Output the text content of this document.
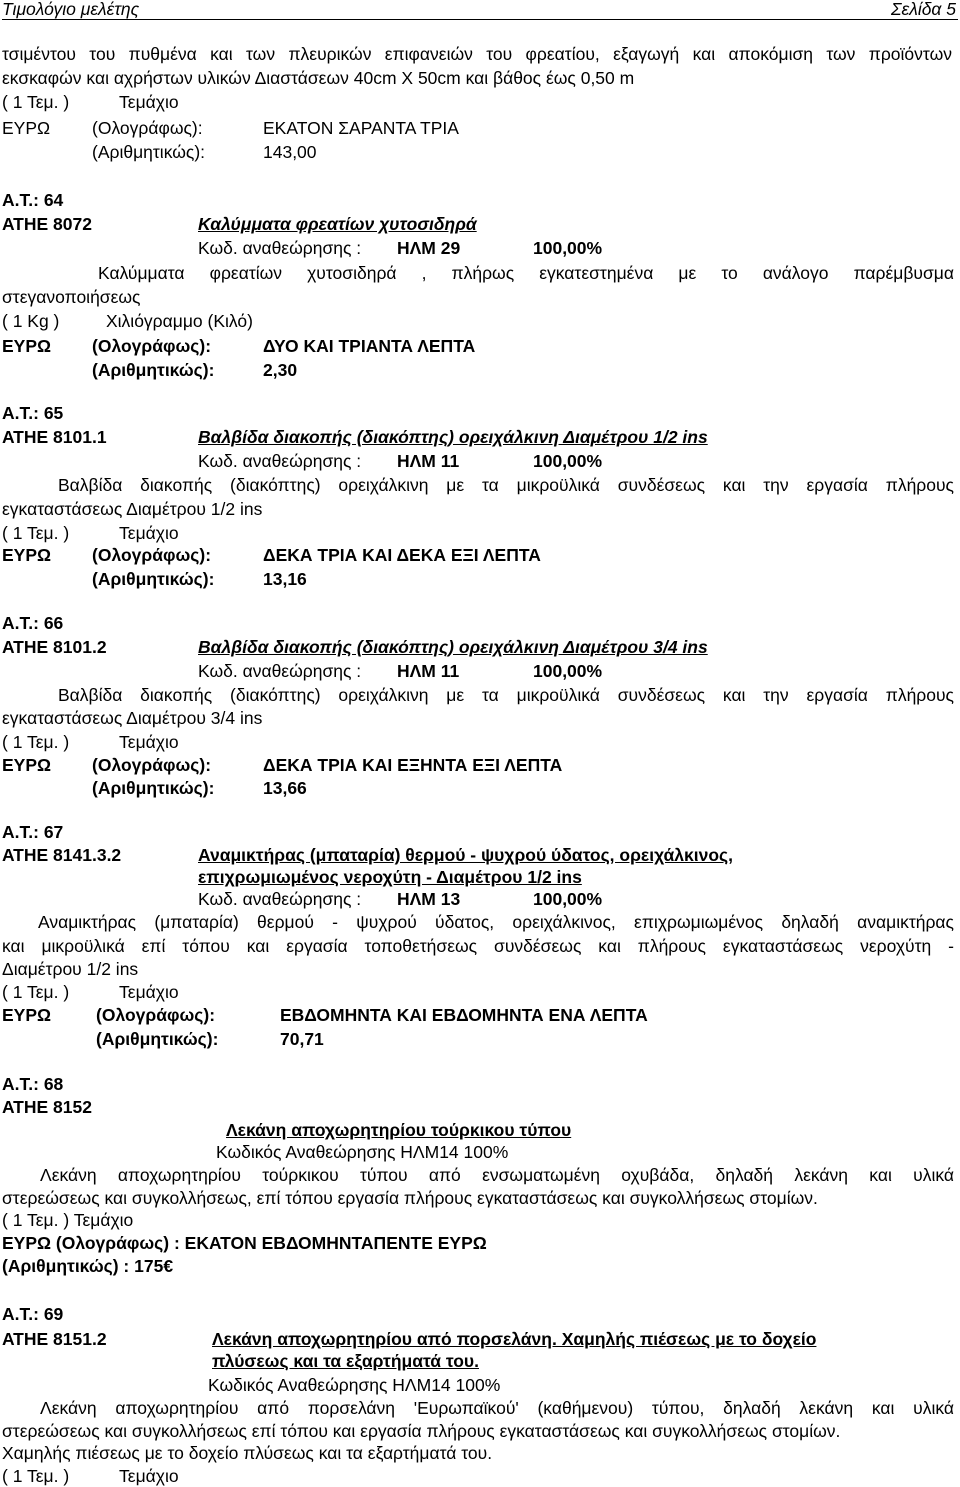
Τιμολόγιο μελέτης	Σελίδα 5
τσιμέντου του πυθμένα και των πλευρικών επιφανειών του φρεατίου, εξαγωγή και αποκόμιση των προϊόντων
εκσκαφών και αχρήστων υλικών Διαστάσεων 40cm X 50cm και βάθος έως 0,50 m
( 1 Τεμ. )	Τεμάχιο
ΕΥΡΩ (Ολογράφως):	ΕΚΑΤΟΝ ΣΑΡΑΝΤΑ ΤΡΙΑ
(Αριθμητικώς):	143,00
Α.Τ.: 64
ΑΤΗΕ 8072	Καλύμματα φρεατίων χυτοσιδηρά
Κωδ. αναθεώρησης : ΗΛΜ 29	100,00%
Καλύμματα φρεατίων χυτοσιδηρά , πλήρως εγκατεστημένα με το ανάλογο παρέμβυσμα
στεγανοποιήσεως
( 1 Kg )	Χιλιόγραμμο (Κιλό)
ΕΥΡΩ (Ολογράφως):	ΔΥΟ ΚΑΙ ΤΡΙΑΝΤΑ ΛΕΠΤΑ
(Αριθμητικώς):	2,30
Α.Τ.: 65
ΑΤΗΕ 8101.1	Βαλβίδα διακοπής (διακόπτης) ορειχάλκινη Διαμέτρου 1/2 ins
Κωδ. αναθεώρησης : ΗΛΜ 11	100,00%
Βαλβίδα διακοπής (διακόπτης) ορειχάλκινη με τα μικροϋλικά συνδέσεως και την εργασία πλήρους
εγκαταστάσεως Διαμέτρου 1/2 ins
( 1 Τεμ. )	Τεμάχιο
ΕΥΡΩ (Ολογράφως):	ΔΕΚΑ ΤΡΙΑ ΚΑΙ ΔΕΚΑ ΕΞΙ ΛΕΠΤΑ
(Αριθμητικώς):	13,16
Α.Τ.: 66
ΑΤΗΕ 8101.2	Βαλβίδα διακοπής (διακόπτης) ορειχάλκινη Διαμέτρου 3/4 ins
Κωδ. αναθεώρησης : ΗΛΜ 11	100,00%
Βαλβίδα διακοπής (διακόπτης) ορειχάλκινη με τα μικροϋλικά συνδέσεως και την εργασία πλήρους
εγκαταστάσεως Διαμέτρου 3/4 ins
( 1 Τεμ. )	Τεμάχιο
ΕΥΡΩ (Ολογράφως):	ΔΕΚΑ ΤΡΙΑ ΚΑΙ ΕΞΗΝΤΑ ΕΞΙ ΛΕΠΤΑ
(Αριθμητικώς):	13,66
Α.Τ.: 67
ΑΤΗΕ 8141.3.2	Αναμικτήρας (μπαταρία) θερμού - ψυχρού ύδατος, ορειχάλκινος,
επιχρωμιωμένος νεροχύτη - Διαμέτρου 1/2 ins
Κωδ. αναθεώρησης : ΗΛΜ 13	100,00%
Αναμικτήρας (μπαταρία) θερμού - ψυχρού ύδατος, ορειχάλκινος, επιχρωμιωμένος δηλαδή αναμικτήρας
και μικροϋλικά επί τόπου και εργασία τοποθετήσεως συνδέσεως και πλήρους εγκαταστάσεως νεροχύτη -
Διαμέτρου 1/2 ins
( 1 Τεμ. )	Τεμάχιο
ΕΥΡΩ	(Ολογράφως):	ΕΒΔΟΜΗΝΤΑ ΚΑΙ ΕΒΔΟΜΗΝΤΑ ΕΝΑ ΛΕΠΤΑ
(Αριθμητικώς):	70,71
Α.Τ.: 68
ΑΤΗΕ 8152
Λεκάνη αποχωρητηρίου τούρκικου τύπου
Κωδικός Αναθεώρησης ΗΛΜ14 100%
Λεκάνη αποχωρητηρίου τούρκικου τύπου από ενσωματωμένη οχυβάδα, δηλαδή λεκάνη και υλικά
στερεώσεως και συγκολλήσεως, επί τόπου εργασία πλήρους εγκαταστάσεως και συγκολλήσεως στομίων.
( 1 Τεμ. ) Τεμάχιο
ΕΥΡΩ (Ολογράφως) : ΕΚΑΤΟΝ ΕΒΔΟΜΗΝΤΑΠΕΝΤΕ ΕΥΡΩ
(Αριθμητικώς) : 175€
Α.Τ.: 69
ΑΤΗΕ 8151.2	Λεκάνη αποχωρητηρίου από πορσελάνη. Χαμηλής πιέσεως με το δοχείο
πλύσεως και τα εξαρτήματά του.
Κωδικός Αναθεώρησης ΗΛΜ14 100%
Λεκάνη αποχωρητηρίου από πορσελάνη 'Ευρωπαϊκού' (καθήμενου) τύπου, δηλαδή λεκάνη και υλικά
στερεώσεως και συγκολλήσεως επί τόπου και εργασία πλήρους εγκαταστάσεως και συγκολλήσεως στομίων.
Χαμηλής πιέσεως με το δοχείο πλύσεως και τα εξαρτήματά του.
( 1 Τεμ. )	Τεμάχιο
